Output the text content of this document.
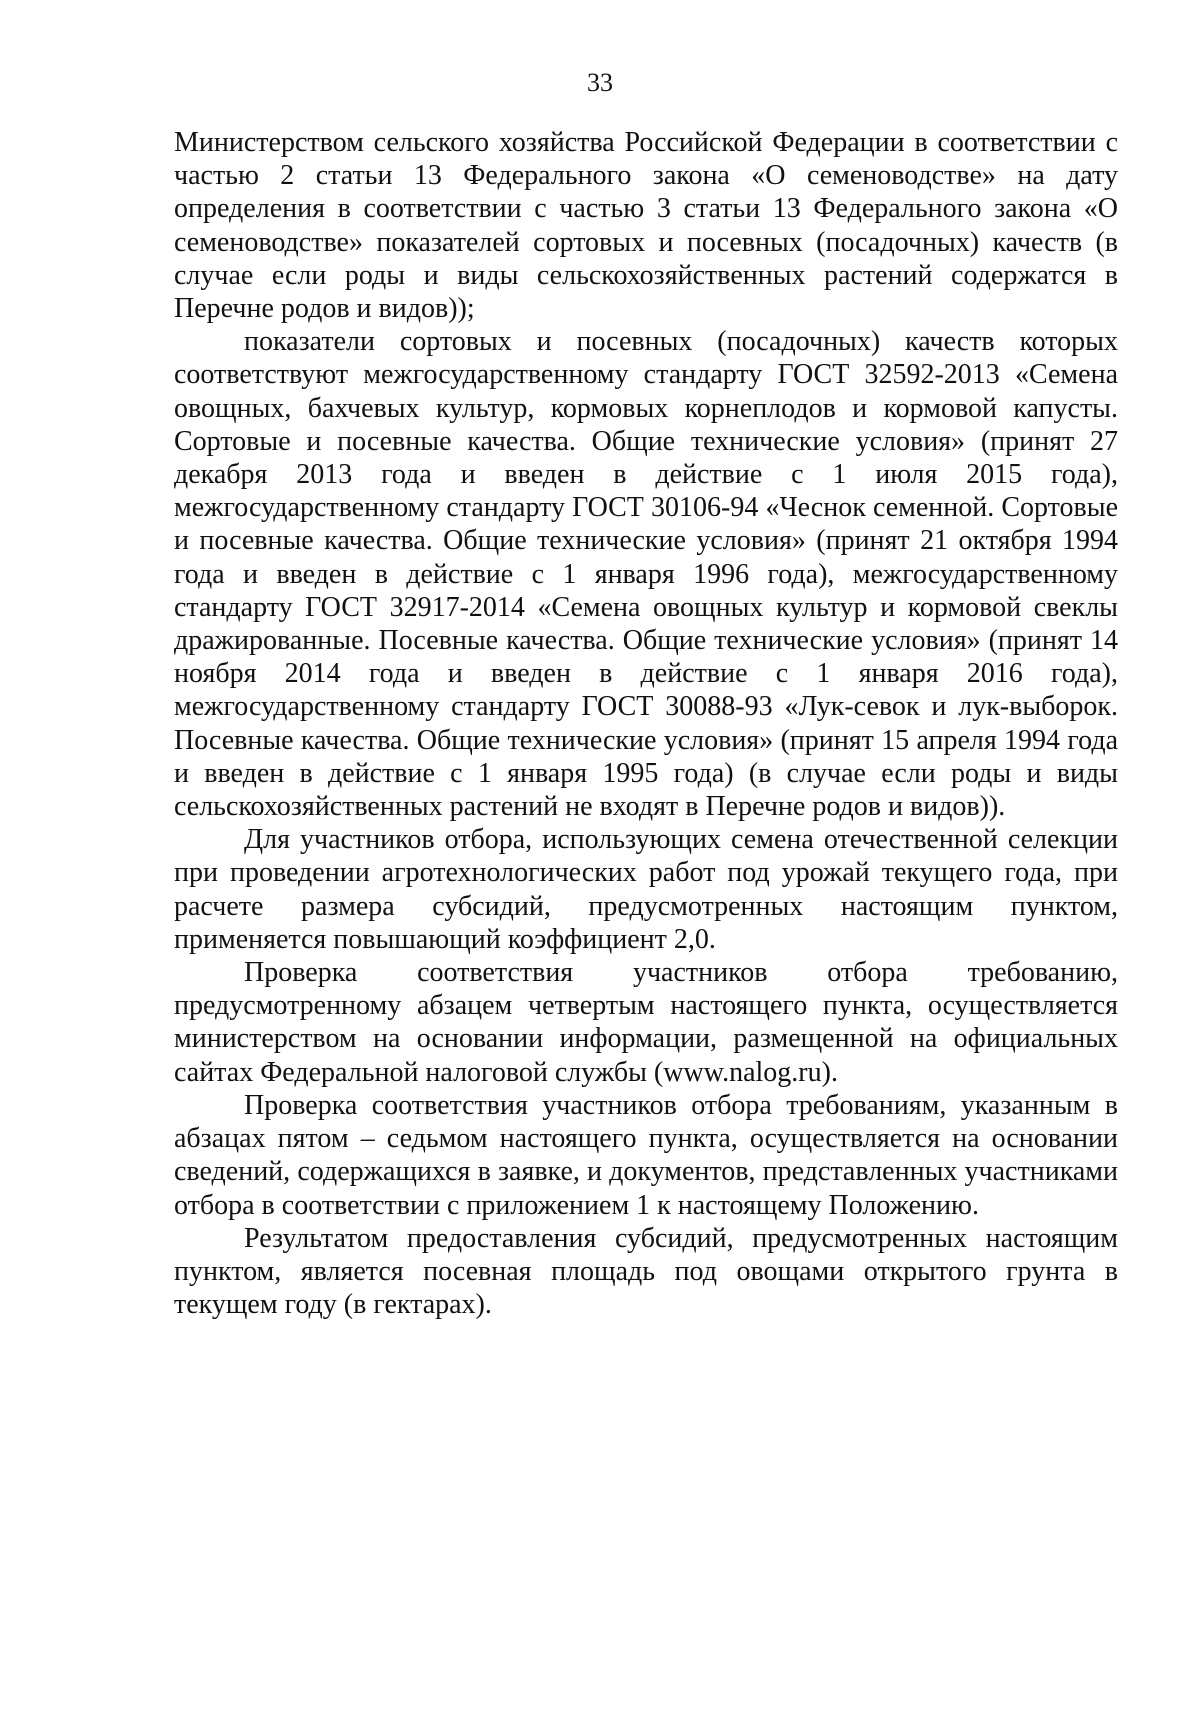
33

Министерством сельского хозяйства Российской Федерации в соответствии с частью 2 статьи 13 Федерального закона «О семеноводстве» на дату определения в соответствии с частью 3 статьи 13 Федерального закона «О семеноводстве» показателей сортовых и посевных (посадочных) качеств (в случае если роды и виды сельскохозяйственных растений содержатся в Перечне родов и видов));

показатели сортовых и посевных (посадочных) качеств которых соответствуют межгосударственному стандарту ГОСТ 32592-2013 «Семена овощных, бахчевых культур, кормовых корнеплодов и кормовой капусты. Сортовые и посевные качества. Общие технические условия» (принят 27 декабря 2013 года и введен в действие с 1 июля 2015 года), межгосударственному стандарту ГОСТ 30106-94 «Чеснок семенной. Сортовые и посевные качества. Общие технические условия» (принят 21 октября 1994 года и введен в действие с 1 января 1996 года), межгосударственному стандарту ГОСТ 32917-2014 «Семена овощных культур и кормовой свеклы дражированные. Посевные качества. Общие технические условия» (принят 14 ноября 2014 года и введен в действие с 1 января 2016 года), межгосударственному стандарту ГОСТ 30088-93 «Лук-севок и лук-выборок. Посевные качества. Общие технические условия» (принят 15 апреля 1994 года и введен в действие с 1 января 1995 года) (в случае если роды и виды сельскохозяйственных растений не входят в Перечне родов и видов)).

Для участников отбора, использующих семена отечественной селекции при проведении агротехнологических работ под урожай текущего года, при расчете размера субсидий, предусмотренных настоящим пунктом, применяется повышающий коэффициент 2,0.

Проверка соответствия участников отбора требованию, предусмотренному абзацем четвертым настоящего пункта, осуществляется министерством на основании информации, размещенной на официальных сайтах Федеральной налоговой службы (www.nalog.ru).

Проверка соответствия участников отбора требованиям, указанным в абзацах пятом – седьмом настоящего пункта, осуществляется на основании сведений, содержащихся в заявке, и документов, представленных участниками отбора в соответствии с приложением 1 к настоящему Положению.

Результатом предоставления субсидий, предусмотренных настоящим пунктом, является посевная площадь под овощами открытого грунта в текущем году (в гектарах).
